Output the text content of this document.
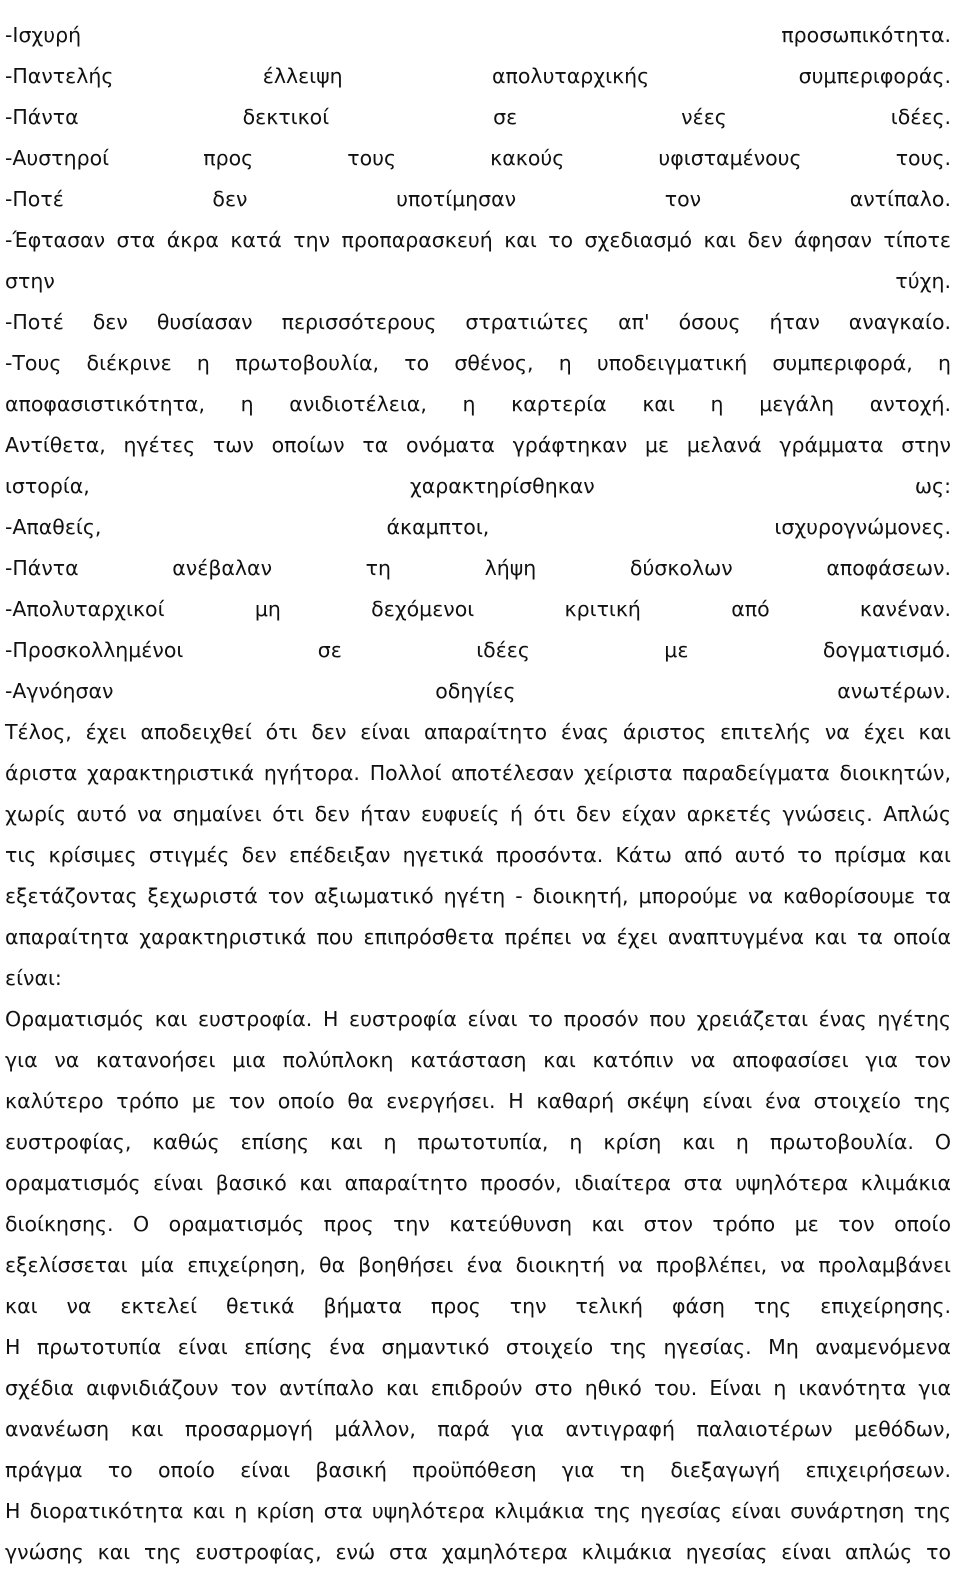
-Ισχυρή προσωπικότητα.
-Παντελής έλλειψη απολυταρχικής συμπεριφοράς.
-Πάντα δεκτικοί σε νέες ιδέες.
-Αυστηροί προς τους κακούς υφισταμένους τους.
-Ποτέ δεν υποτίμησαν τον αντίπαλο.
-Έφτασαν στα άκρα κατά την προπαρασκευή και το σχεδιασμό και δεν άφησαν τίποτε
στην τύχη.
-Ποτέ δεν θυσίασαν περισσότερους στρατιώτες απ' όσους ήταν αναγκαίο.
-Τους διέκρινε η πρωτοβουλία, το σθένος, η υποδειγματική συμπεριφορά, η
αποφασιστικότητα, η ανιδιοτέλεια, η καρτερία και η μεγάλη αντοχή.
Αντίθετα, ηγέτες των οποίων τα ονόματα γράφτηκαν με μελανά γράμματα στην
ιστορία, χαρακτηρίσθηκαν ως:
-Απαθείς, άκαμπτοι, ισχυρογνώμονες.
-Πάντα ανέβαλαν τη λήψη δύσκολων αποφάσεων.
-Απολυταρχικοί μη δεχόμενοι κριτική από κανέναν.
-Προσκολλημένοι σε ιδέες με δογματισμό.
-Αγνόησαν οδηγίες ανωτέρων.
Τέλος, έχει αποδειχθεί ότι δεν είναι απαραίτητο ένας άριστος επιτελής να έχει και
άριστα χαρακτηριστικά ηγήτορα. Πολλοί αποτέλεσαν χείριστα παραδείγματα διοικητών,
χωρίς αυτό να σημαίνει ότι δεν ήταν ευφυείς ή ότι δεν είχαν αρκετές γνώσεις. Απλώς
τις κρίσιμες στιγμές δεν επέδειξαν ηγετικά προσόντα. Κάτω από αυτό το πρίσμα και
εξετάζοντας ξεχωριστά τον αξιωματικό ηγέτη - διοικητή, μπορούμε να καθορίσουμε τα
απαραίτητα χαρακτηριστικά που επιπρόσθετα πρέπει να έχει αναπτυγμένα και τα οποία
είναι:
Οραματισμός και ευστροφία. Η ευστροφία είναι το προσόν που χρειάζεται ένας ηγέτης
για να κατανοήσει μια πολύπλοκη κατάσταση και κατόπιν να αποφασίσει για τον
καλύτερο τρόπο με τον οποίο θα ενεργήσει. Η καθαρή σκέψη είναι ένα στοιχείο της
ευστροφίας, καθώς επίσης και η πρωτοτυπία, η κρίση και η πρωτοβουλία. Ο
οραματισμός είναι βασικό και απαραίτητο προσόν, ιδιαίτερα στα υψηλότερα κλιμάκια
διοίκησης. Ο οραματισμός προς την κατεύθυνση και στον τρόπο με τον οποίο
εξελίσσεται μία επιχείρηση, θα βοηθήσει ένα διοικητή να προβλέπει, να προλαμβάνει
και να εκτελεί θετικά βήματα προς την τελική φάση της επιχείρησης.
Η πρωτοτυπία είναι επίσης ένα σημαντικό στοιχείο της ηγεσίας. Μη αναμενόμενα
σχέδια αιφνιδιάζουν τον αντίπαλο και επιδρούν στο ηθικό του. Είναι η ικανότητα για
ανανέωση και προσαρμογή μάλλον, παρά για αντιγραφή παλαιοτέρων μεθόδων,
πράγμα το οποίο είναι βασική προϋπόθεση για τη διεξαγωγή επιχειρήσεων.
Η διορατικότητα και η κρίση στα υψηλότερα κλιμάκια της ηγεσίας είναι συνάρτηση της
γνώσης και της ευστροφίας, ενώ στα χαμηλότερα κλιμάκια ηγεσίας είναι απλώς το
